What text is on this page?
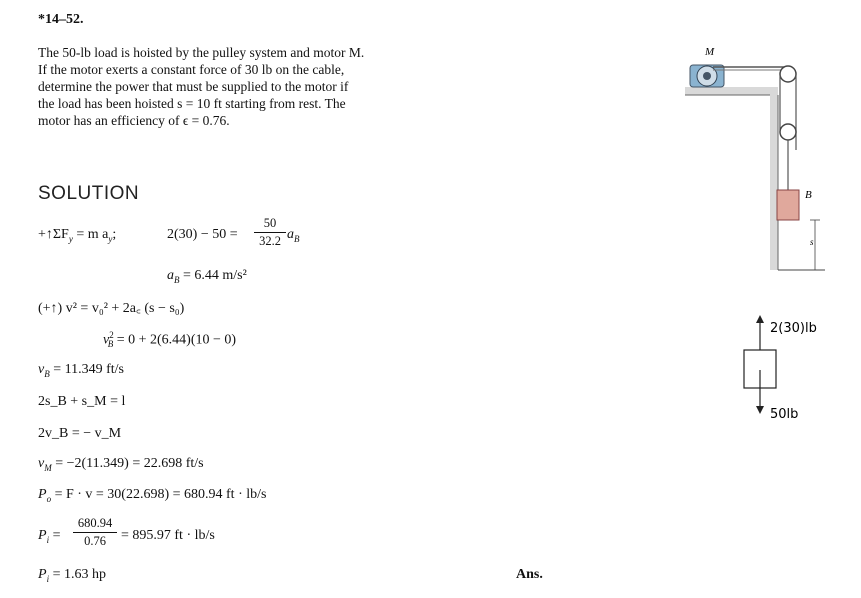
*14–52.
The 50-lb load is hoisted by the pulley system and motor M.
If the motor exerts a constant force of 30 lb on the cable,
determine the power that must be supplied to the motor if
the load has been hoisted s = 10 ft starting from rest. The
motor has an efficiency of ϵ = 0.76.
SOLUTION
$+↑\Sigma F_y = m$ $a_y$;	2(30) − 50 =
50
32.2 $a_B$
$a_B = 6.44$ m/s²
(+↑) v² = v₀² + 2a꜀ (s − s₀)
$v^2_B = 0 + 2(6.44)(10 - 0)$
$v_B = 11.349$ ft/s
2s_B + s_M = l
2v_B = − v_M
$v_M = -2(11.349) = 22.698$ ft/s
$P_o = F \cdot v = 30(22.698) = 680.94$ ft · lb/s
$P_i$ =
680.94
0.76	= 895.97 ft · lb/s
$P_i = 1.63$ hp	Ans.
M
B
s
2(30)lb
50lb
